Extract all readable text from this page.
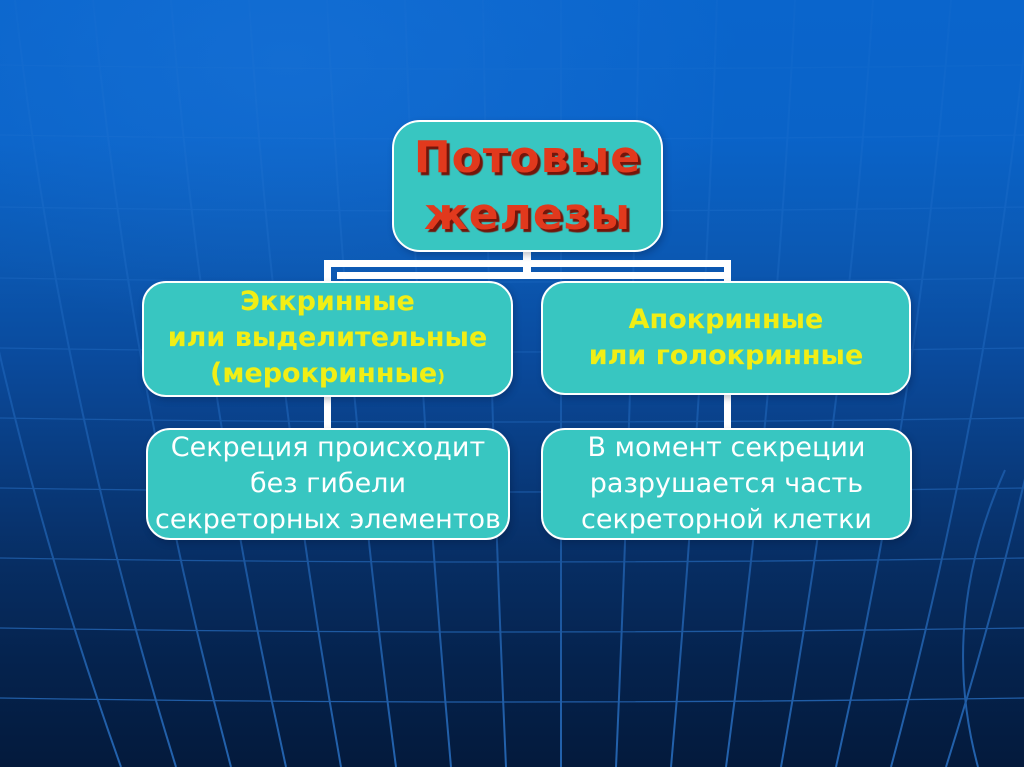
Потовые
железы
Эккринные
или выделительные
(мерокринные)
Апокринные
или голокринные
Секреция происходит
без гибели
секреторных элементов
В момент секреции
разрушается часть
секреторной клетки
